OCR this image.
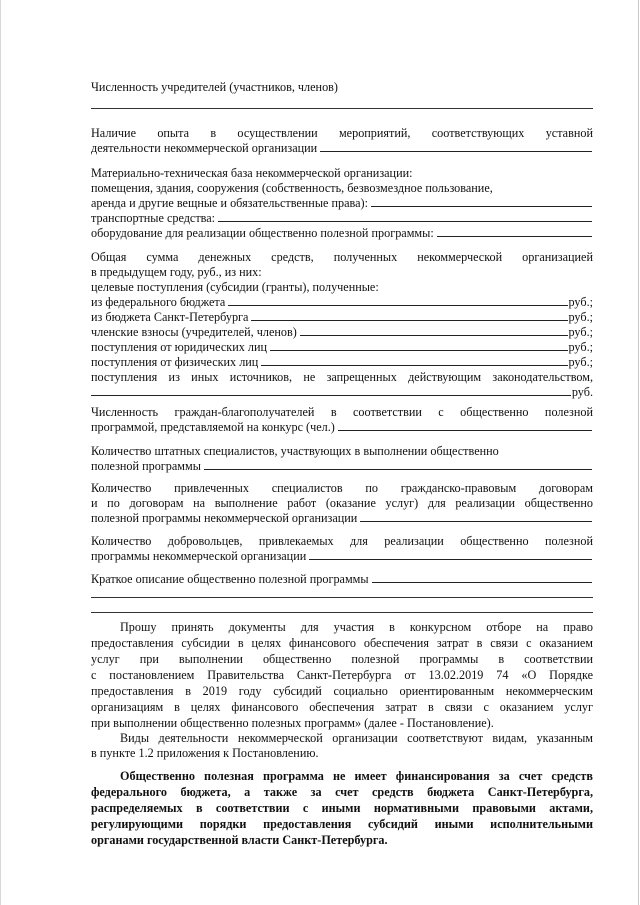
Численность учредителей (участников, членов)
Наличие опыта в осуществлении мероприятий, соответствующих уставной
деятельности некоммерческой организации
Материально-техническая база некоммерческой организации:
помещения, здания, сооружения (собственность, безвозмездное пользование,
аренда и другие вещные и обязательственные права):
транспортные средства:
оборудование для реализации общественно полезной программы:
Общая сумма денежных средств, полученных некоммерческой организацией
в предыдущем году, руб., из них:
целевые поступления (субсидии (гранты), полученные:
из федерального бюджета	руб.;
из бюджета Санкт-Петербурга	руб.;
членские взносы (учредителей, членов)	руб.;
поступления от юридических лиц	руб.;
поступления от физических лиц	руб.;
поступления из иных источников, не запрещенных действующим законодательством,
руб.
Численность граждан-благополучателей в соответствии с общественно полезной
программой, представляемой на конкурс (чел.)
Количество штатных специалистов, участвующих в выполнении общественно
полезной программы
Количество привлеченных специалистов по гражданско-правовым договорам
и по договорам на выполнение работ (оказание услуг) для реализации общественно
полезной программы некоммерческой организации
Количество добровольцев, привлекаемых для реализации общественно полезной
программы некоммерческой организации
Краткое описание общественно полезной программы
Прошу принять документы для участия в конкурсном отборе на право
предоставления субсидии в целях финансового обеспечения затрат в связи с оказанием
услуг при выполнении общественно полезной программы в соответствии
с постановлением Правительства Санкт-Петербурга от 13.02.2019 74 «О Порядке
предоставления в 2019 году субсидий социально ориентированным некоммерческим
организациям в целях финансового обеспечения затрат в связи с оказанием услуг
при выполнении общественно полезных программ» (далее - Постановление).
Виды деятельности некоммерческой организации соответствуют видам, указанным
в пункте 1.2 приложения к Постановлению.
Общественно полезная программа не имеет финансирования за счет средств
федерального бюджета, а также за счет средств бюджета Санкт-Петербурга,
распределяемых в соответствии с иными нормативными правовыми актами,
регулирующими порядки предоставления субсидий иными исполнительными
органами государственной власти Санкт-Петербурга.
